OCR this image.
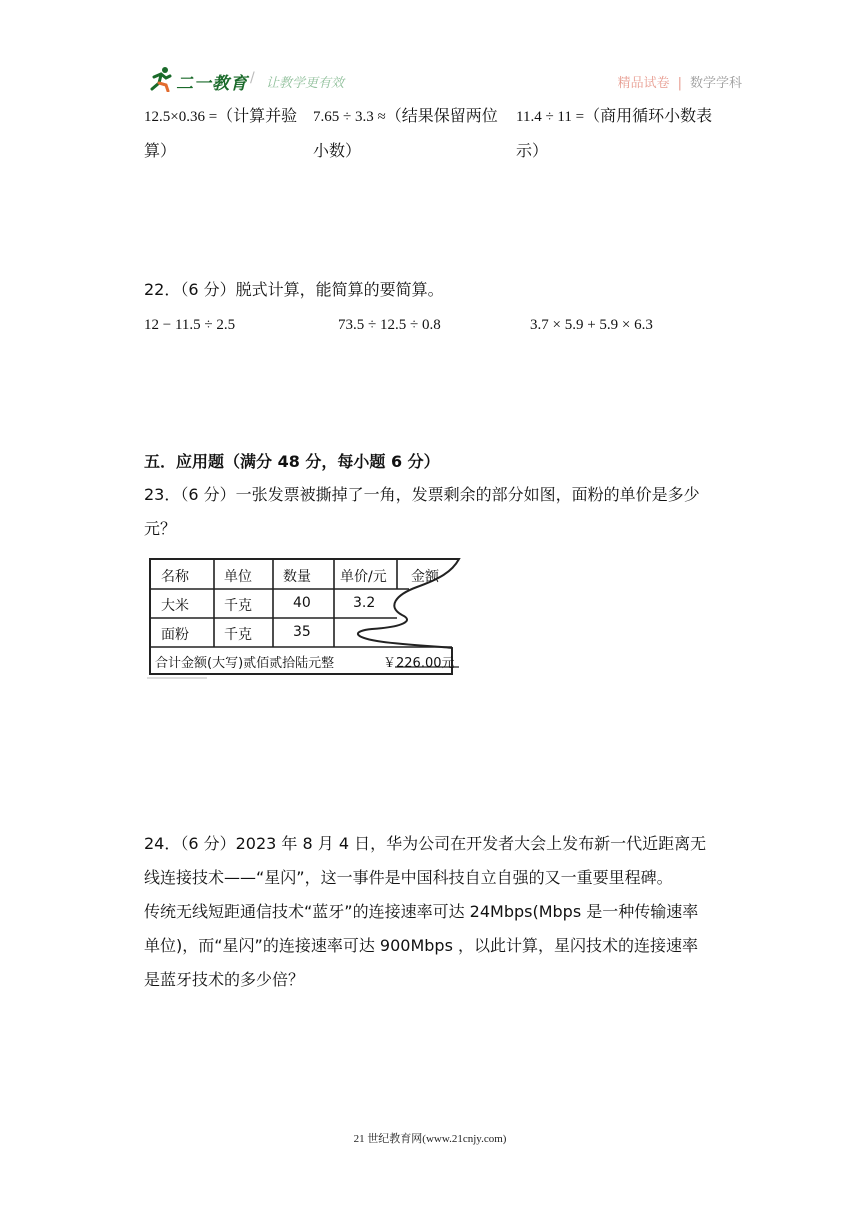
二一教育 / 让教学更有效	精品试卷 | 数学学科
12.5×0.36 =（计算并验
算）
7.65 ÷ 3.3 ≈（结果保留两位
小数）
11.4 ÷ 11 =（商用循环小数表
示）
22．（6 分）脱式计算，能简算的要简算。
12 − 11.5 ÷ 2.5	73.5 ÷ 12.5 ÷ 0.8	3.7 × 5.9 + 5.9 × 6.3
五．应用题（满分 48 分，每小题 6 分）
23．（6 分）一张发票被撕掉了一角，发票剩余的部分如图，面粉的单价是多少
元？
名称	单位 数量 单价/元 金额
大米	千克	40	3.2
面粉	千克	35
合计金额(大写)贰佰贰拾陆元整	￥226.00元
24．（6 分）2023 年 8 月 4 日，华为公司在开发者大会上发布新一代近距离无
线连接技术——“星闪”，这一事件是中国科技自立自强的又一重要里程碑。
传统无线短距通信技术“蓝牙”的连接速率可达 24Mbps(Mbps 是一种传输速率
单位)，而“星闪”的连接速率可达 900Mbps ，以此计算，星闪技术的连接速率
是蓝牙技术的多少倍？
21 世纪教育网(www.21cnjy.com)
